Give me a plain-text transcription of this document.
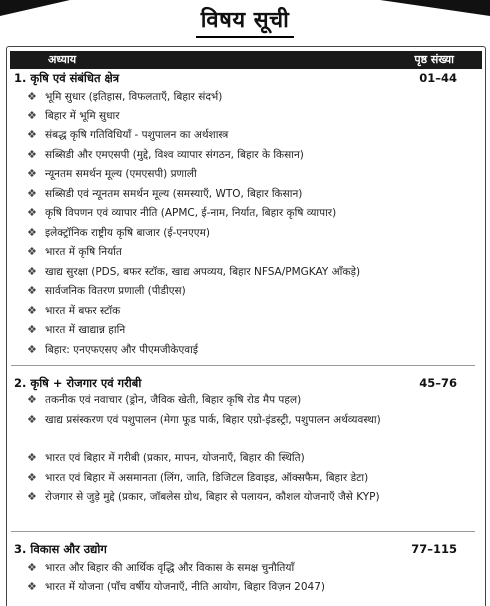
विषय सूची
अध्याय	पृष्ठ संख्या
1. कृषि एवं संबंधित क्षेत्र	01–44
❖ भूमि सुधार (इतिहास, विफलताएँ, बिहार संदर्भ)
❖ बिहार में भूमि सुधार
❖ संबद्ध कृषि गतिविधियाँ - पशुपालन का अर्थशास्त्र
❖ सब्सिडी और एमएसपी (मुद्दे, विश्व व्यापार संगठन, बिहार के किसान)
❖ न्यूनतम समर्थन मूल्य (एमएसपी) प्रणाली
❖ सब्सिडी एवं न्यूनतम समर्थन मूल्य (समस्याएँ, WTO, बिहार किसान)
❖ कृषि विपणन एवं व्यापार नीति (APMC, ई-नाम, निर्यात, बिहार कृषि व्यापार)
❖ इलेक्ट्रॉनिक राष्ट्रीय कृषि बाजार (ई-एनएएम)
❖ भारत में कृषि निर्यात
❖ खाद्य सुरक्षा (PDS, बफर स्टॉक, खाद्य अपव्यय, बिहार NFSA/PMGKAY आँकड़े)
❖ सार्वजनिक वितरण प्रणाली (पीडीएस)
❖ भारत में बफर स्टॉक
❖ भारत में खाद्यान्न हानि
❖ बिहार: एनएफएसए और पीएमजीकेएवाई
2. कृषि + रोजगार एवं गरीबी	45–76
❖ तकनीक एवं नवाचार (ड्रोन, जैविक खेती, बिहार कृषि रोड मैप पहल)
❖ खाद्य प्रसंस्करण एवं पशुपालन (मेगा फूड पार्क, बिहार एग्रो-इंडस्ट्री, पशुपालन अर्थव्यवस्था)
❖ भारत एवं बिहार में गरीबी (प्रकार, मापन, योजनाएँ, बिहार की स्थिति)
❖ भारत एवं बिहार में असमानता (लिंग, जाति, डिजिटल डिवाइड, ऑक्सफैम, बिहार डेटा)
❖ रोजगार से जुड़े मुद्दे (प्रकार, जॉबलेस ग्रोथ, बिहार से पलायन, कौशल योजनाएँ जैसे KYP)
3. विकास और उद्योग	77–115
❖ भारत और बिहार की आर्थिक वृद्धि और विकास के समक्ष चुनौतियाँ
❖ भारत में योजना (पाँच वर्षीय योजनाएँ, नीति आयोग, बिहार विज़न 2047)
